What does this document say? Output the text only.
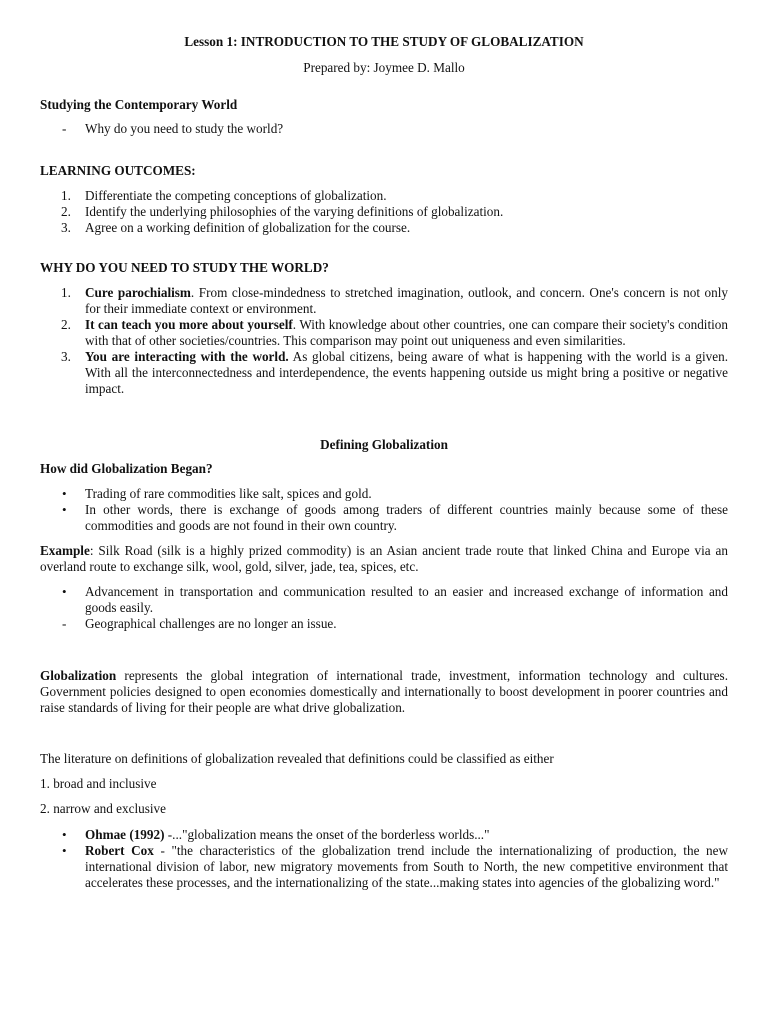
Lesson 1: INTRODUCTION TO THE STUDY OF GLOBALIZATION
Prepared by: Joymee D. Mallo
Studying the Contemporary World
-	Why do you need to study the world?
LEARNING OUTCOMES:
1.	Differentiate the competing conceptions of globalization.
2.	Identify the underlying philosophies of the varying definitions of globalization.
3.	Agree on a working definition of globalization for the course.
WHY DO YOU NEED TO STUDY THE WORLD?
1.	Cure parochialism. From close-mindedness to stretched imagination, outlook, and concern. One's concern is not only for their immediate context or environment.
2.	It can teach you more about yourself. With knowledge about other countries, one can compare their society's condition with that of other societies/countries. This comparison may point out uniqueness and even similarities.
3.	You are interacting with the world. As global citizens, being aware of what is happening with the world is a given. With all the interconnectedness and interdependence, the events happening outside us might bring a positive or negative impact.
Defining Globalization
How did Globalization Began?
•	Trading of rare commodities like salt, spices and gold.
•	In other words, there is exchange of goods among traders of different countries mainly because some of these commodities and goods are not found in their own country.
Example: Silk Road (silk is a highly prized commodity) is an Asian ancient trade route that linked China and Europe via an overland route to exchange silk, wool, gold, silver, jade, tea, spices, etc.
•	Advancement in transportation and communication resulted to an easier and increased exchange of information and goods easily.
-	Geographical challenges are no longer an issue.
Globalization represents the global integration of international trade, investment, information technology and cultures. Government policies designed to open economies domestically and internationally to boost development in poorer countries and raise standards of living for their people are what drive globalization.
The literature on definitions of globalization revealed that definitions could be classified as either
1. broad and inclusive
2. narrow and exclusive
•	Ohmae (1992) -..."globalization means the onset of the borderless worlds..."
•	Robert Cox - "the characteristics of the globalization trend include the internationalizing of production, the new international division of labor, new migratory movements from South to North, the new competitive environment that accelerates these processes, and the internationalizing of the state...making states into agencies of the globalizing word."
